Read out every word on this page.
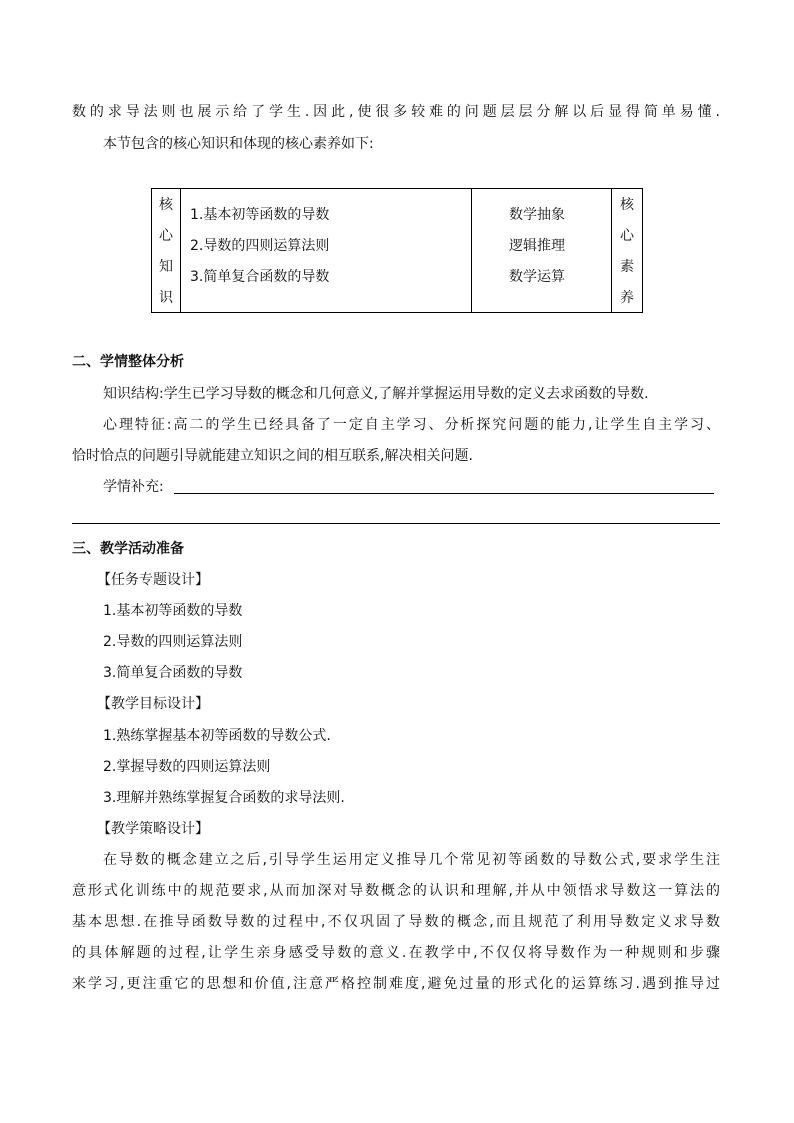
数的求导法则也展示给了学生.因此,使很多较难的问题层层分解以后显得简单易懂.
本节包含的核心知识和体现的核心素养如下:
核
心
知
识
1.基本初等函数的导数
2.导数的四则运算法则
3.简单复合函数的导数
数学抽象
逻辑推理
数学运算
核
心
素
养
二、学情整体分析
知识结构:学生已学习导数的概念和几何意义,了解并掌握运用导数的定义去求函数的导数.
心理特征:高二的学生已经具备了一定自主学习、分析探究问题的能力,让学生自主学习、
恰时恰点的问题引导就能建立知识之间的相互联系,解决相关问题.
学情补充:
三、教学活动准备
【任务专题设计】
1.基本初等函数的导数
2.导数的四则运算法则
3.简单复合函数的导数
【教学目标设计】
1.熟练掌握基本初等函数的导数公式.
2.掌握导数的四则运算法则
3.理解并熟练掌握复合函数的求导法则.
【教学策略设计】
在导数的概念建立之后,引导学生运用定义推导几个常见初等函数的导数公式,要求学生注
意形式化训练中的规范要求,从而加深对导数概念的认识和理解,并从中领悟求导数这一算法的
基本思想.在推导函数导数的过程中,不仅巩固了导数的概念,而且规范了利用导数定义求导数
的具体解题的过程,让学生亲身感受导数的意义.在教学中,不仅仅将导数作为一种规则和步骤
来学习,更注重它的思想和价值,注意严格控制难度,避免过量的形式化的运算练习.遇到推导过
